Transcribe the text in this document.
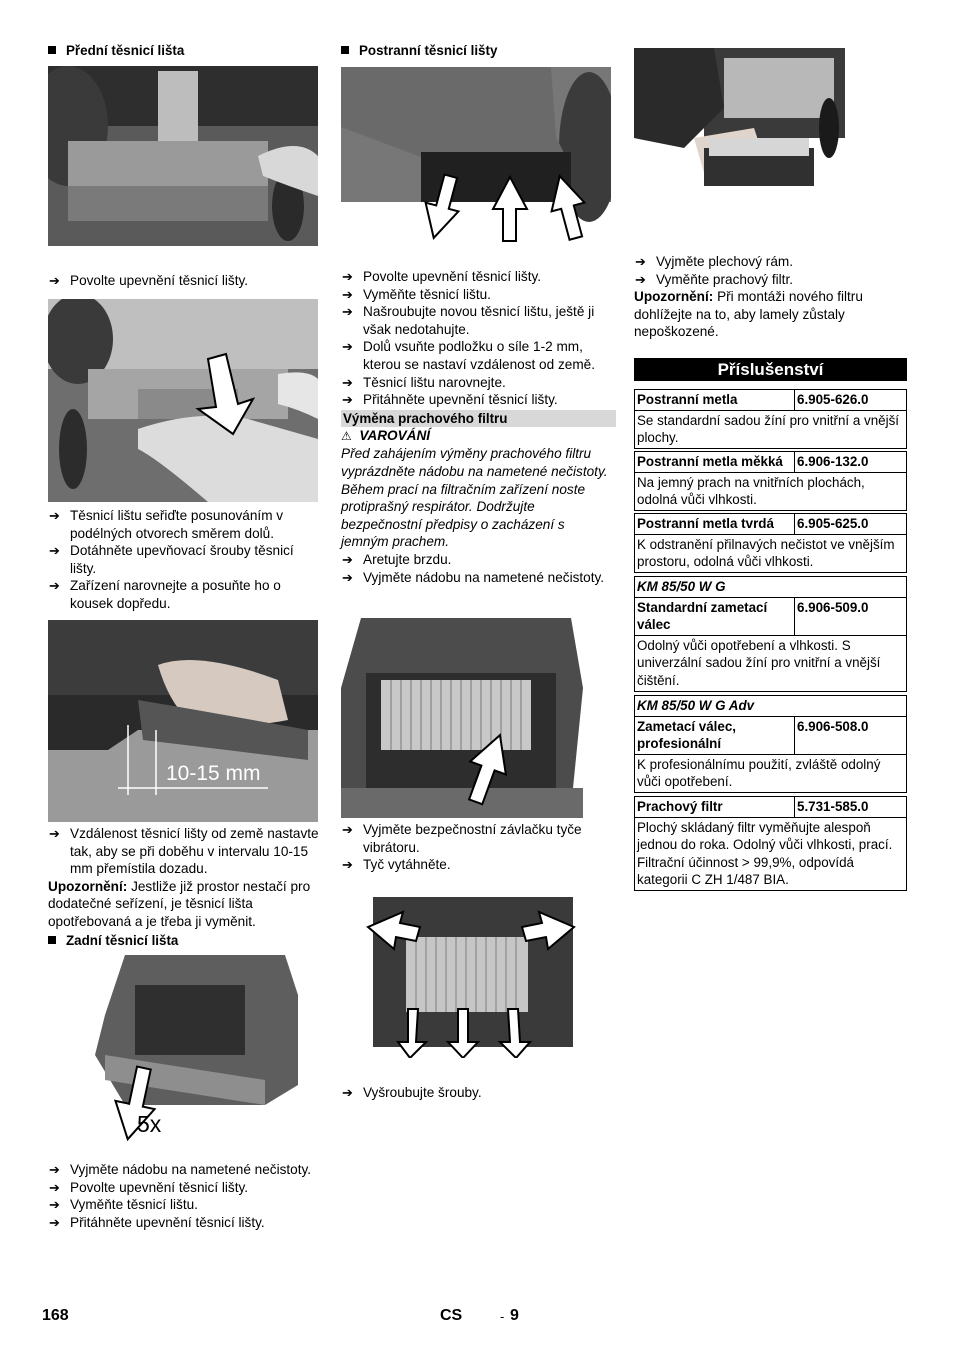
Přední těsnicí lišta
➔ Povolte upevnění těsnicí lišty.
➔ Těsnicí lištu seřiďte posunováním v podélných otvorech směrem dolů.
➔ Dotáhněte upevňovací šrouby těsnicí lišty.
➔ Zařízení narovnejte a posuňte ho o kousek dopředu.
10-15 mm
➔ Vzdálenost těsnicí lišty od země nastavte tak, aby se při doběhu v intervalu 10-15 mm přemístila dozadu.
Upozornění: Jestliže již prostor nestačí pro dodatečné seřízení, je těsnicí lišta opotřebovaná a je třeba ji vyměnit.
Zadní těsnicí lišta
5x
➔ Vyjměte nádobu na nametené nečistoty.
➔ Povolte upevnění těsnicí lišty.
➔ Vyměňte těsnicí lištu.
➔ Přitáhněte upevnění těsnicí lišty.
Postranní těsnicí lišty
➔ Povolte upevnění těsnicí lišty.
➔ Vyměňte těsnicí lištu.
➔ Našroubujte novou těsnicí lištu, ještě ji však nedotahujte.
➔ Dolů vsuňte podložku o síle 1-2 mm, kterou se nastaví vzdálenost od země.
➔ Těsnicí lištu narovnejte.
➔ Přitáhněte upevnění těsnicí lišty.
Výměna prachového filtru
⚠ VAROVÁNÍ
Před zahájením výměny prachového filtru vyprázdněte nádobu na nametené nečistoty. Během prací na filtračním zařízení noste protiprašný respirátor. Dodržujte bezpečnostní předpisy o zacházení s jemným prachem.
➔ Aretujte brzdu.
➔ Vyjměte nádobu na nametené nečistoty.
➔ Vyjměte bezpečnostní závlačku tyče vibrátoru.
➔ Tyč vytáhněte.
➔ Vyšroubujte šrouby.
➔ Vyjměte plechový rám.
➔ Vyměňte prachový filtr.
Upozornění: Při montáži nového filtru dohlížejte na to, aby lamely zůstaly nepoškozené.
Příslušenství
Postranní metla	6.905-626.0
Se standardní sadou žíní pro vnitřní a vnější plochy.
Postranní metla měkká	6.906-132.0
Na jemný prach na vnitřních plochách, odolná vůči vlhkosti.
Postranní metla tvrdá	6.905-625.0
K odstranění přilnavých nečistot ve vnějším prostoru, odolná vůči vlhkosti.
KM 85/50 W G
Standardní zametací válec	6.906-509.0
Odolný vůči opotřebení a vlhkosti. S univerzální sadou žíní pro vnitřní a vnější čištění.
KM 85/50 W G Adv
Zametací válec, profesionální	6.906-508.0
K profesionálnímu použití, zvláště odolný vůči opotřebení.
Prachový filtr	5.731-585.0
Plochý skládaný filtr vyměňujte alespoň jednou do roka. Odolný vůči vlhkosti, prací. Filtrační účinnost > 99,9%, odpovídá kategorii C ZH 1/487 BIA.
168	CS	- 9
